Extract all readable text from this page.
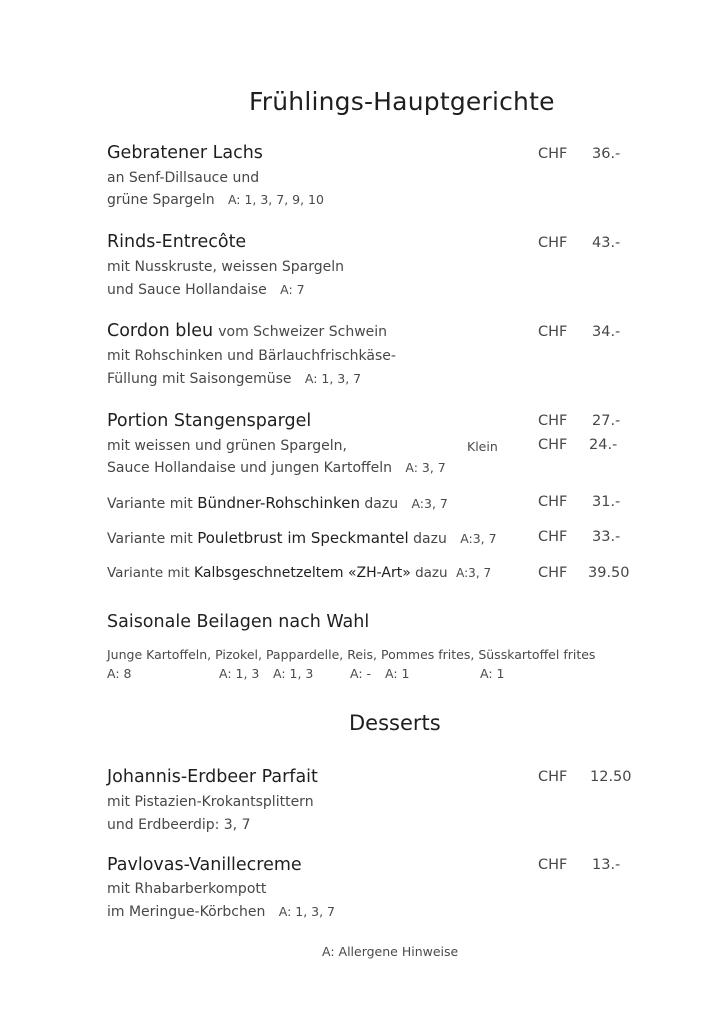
Frühlings-Hauptgerichte
Gebratener Lachs	CHF 36.-
an Senf-Dillsauce und
grüne Spargeln A: 1, 3, 7, 9, 10
Rinds-Entrecôte	CHF 43.-
mit Nusskruste, weissen Spargeln
und Sauce Hollandaise A: 7
Cordon bleu vom Schweizer Schwein	CHF 34.-
mit Rohschinken und Bärlauchfrischkäse-
Füllung mit Saisongemüse A: 1, 3, 7
Portion Stangenspargel	CHF 27.-
mit weissen und grünen Spargeln,	Klein	CHF 24.-
Sauce Hollandaise und jungen Kartoffeln A: 3, 7
Variante mit Bündner-Rohschinken dazu A:3, 7	CHF 31.-
Variante mit Pouletbrust im Speckmantel dazu A:3, 7	CHF 33.-
Variante mit Kalbsgeschnetzeltem «ZH-Art» dazu A:3, 7	CHF 39.50
Saisonale Beilagen nach Wahl
Junge Kartoffeln, Pizokel, Pappardelle, Reis, Pommes frites, Süsskartoffel frites
A: 8	A: 1, 3 A: 1, 3	A: - A: 1	A: 1
Desserts
Johannis-Erdbeer Parfait	CHF 12.50
mit Pistazien-Krokantsplittern
und Erdbeerdip: 3, 7
Pavlovas-Vanillecreme	CHF 13.-
mit Rhabarberkompott
im Meringue-Körbchen A: 1, 3, 7
A: Allergene Hinweise
